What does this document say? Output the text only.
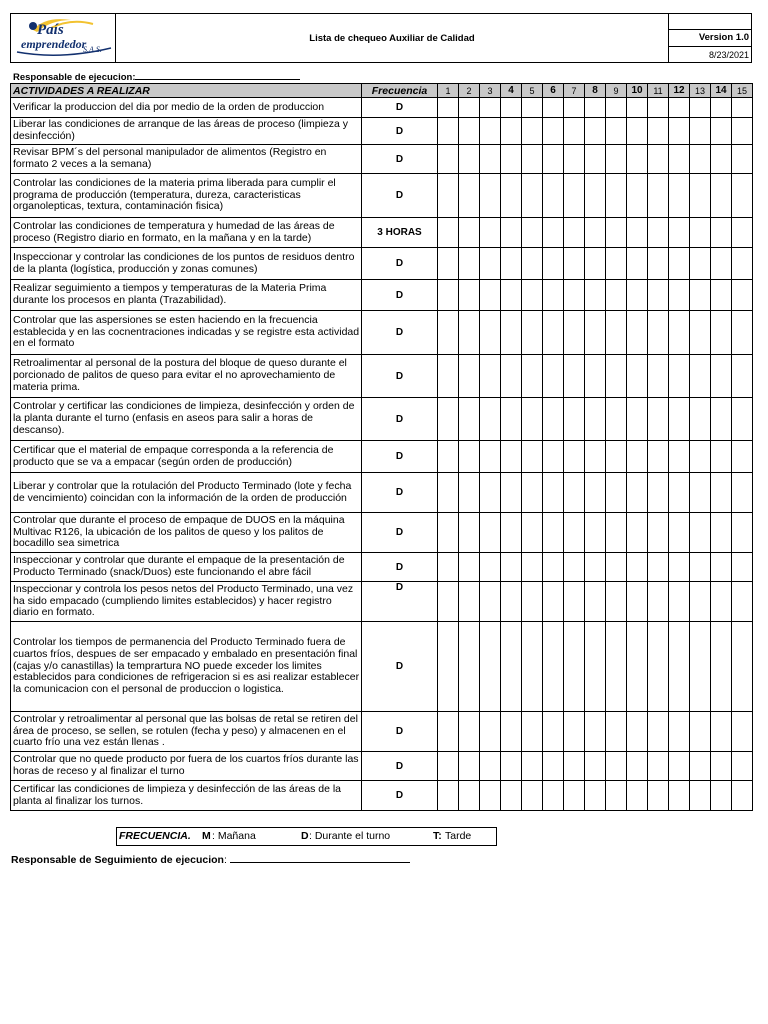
País
emprendedor
S.A.S.
	Lista de chequeo Auxiliar de Calidad	
Version 1.0
8/23/2021
Responsable de ejecucion:
ACTIVIDADES A REALIZAR	Frecuencia	1	2	3	4	5	6	7	8	9	10	11	12	13	14	15
Verificar la produccion del dia por medio de la orden de produccion	D															
Liberar las condiciones de arranque de las áreas de proceso (limpieza y desinfección)	D															
Revisar BPM´s del personal manipulador de alimentos (Registro en formato 2 veces a la semana)	D															
Controlar las condiciones de la materia prima liberada para cumplir el programa de producción (temperatura, dureza, caracteristicas organolepticas, textura, contaminación fisica)	D															
Controlar las condiciones de temperatura y humedad de las áreas de proceso (Registro diario en formato, en la mañana y en la tarde)	3 HORAS															
Inspeccionar y controlar las condiciones de los puntos de residuos dentro de la planta (logística, producción y zonas comunes)	D															
Realizar seguimiento a tiempos y temperaturas de la Materia Prima durante los procesos en planta (Trazabilidad).	D															
Controlar que las aspersiones se esten haciendo en la frecuencia establecida y en las cocnentraciones indicadas y se registre esta actividad en el formato	D															
Retroalimentar al personal de la postura del bloque de queso durante el porcionado de palitos de queso para evitar el no aprovechamiento de materia prima.	D															
Controlar y certificar las condiciones de limpieza, desinfección y orden de la planta durante el turno (enfasis en aseos para salir a horas de descanso).	D															
Certificar que el material de empaque corresponda a la referencia de producto que se va a empacar (según orden de producción)	D															
Liberar y controlar que la rotulación del Producto Terminado (lote y fecha de vencimiento) coincidan con la información de la orden de producción	D															
Controlar que durante el proceso de empaque de DUOS en la máquina Multivac R126, la ubicación de los palitos de queso y los palitos de bocadillo sea simetrica	D															
Inspeccionar y controlar que durante el empaque de la presentación de Producto Terminado (snack/Duos) este funcionando el abre fácil	D															
Inspeccionar y controla los pesos netos del Producto Terminado, una vez ha sido empacado (cumpliendo limites establecidos) y hacer registro diario en formato.	D															
Controlar los tiempos de permanencia del Producto Terminado fuera de cuartos fríos, despues de ser empacado y embalado en presentación final (cajas y/o canastillas) la temprartura NO puede exceder los limites establecidos para condiciones de refrigeracion si es asi realizar establecer la comunicacion con el personal de produccion o logistica.	D															
Controlar y retroalimentar al personal que las bolsas de retal se retiren del área de proceso, se sellen, se rotulen (fecha y peso) y almacenen en el cuarto frío una vez están llenas .	D															
Controlar que no quede producto por fuera de los cuartos fríos durante las horas de receso y al finalizar el turno	D															
Certificar las condiciones de limpieza y desinfección de las áreas de la planta al finalizar los turnos.	D															
FRECUENCIA. M : Mañana	D : Durante el turno	T: Tarde
Responsable de Seguimiento de ejecucion:
